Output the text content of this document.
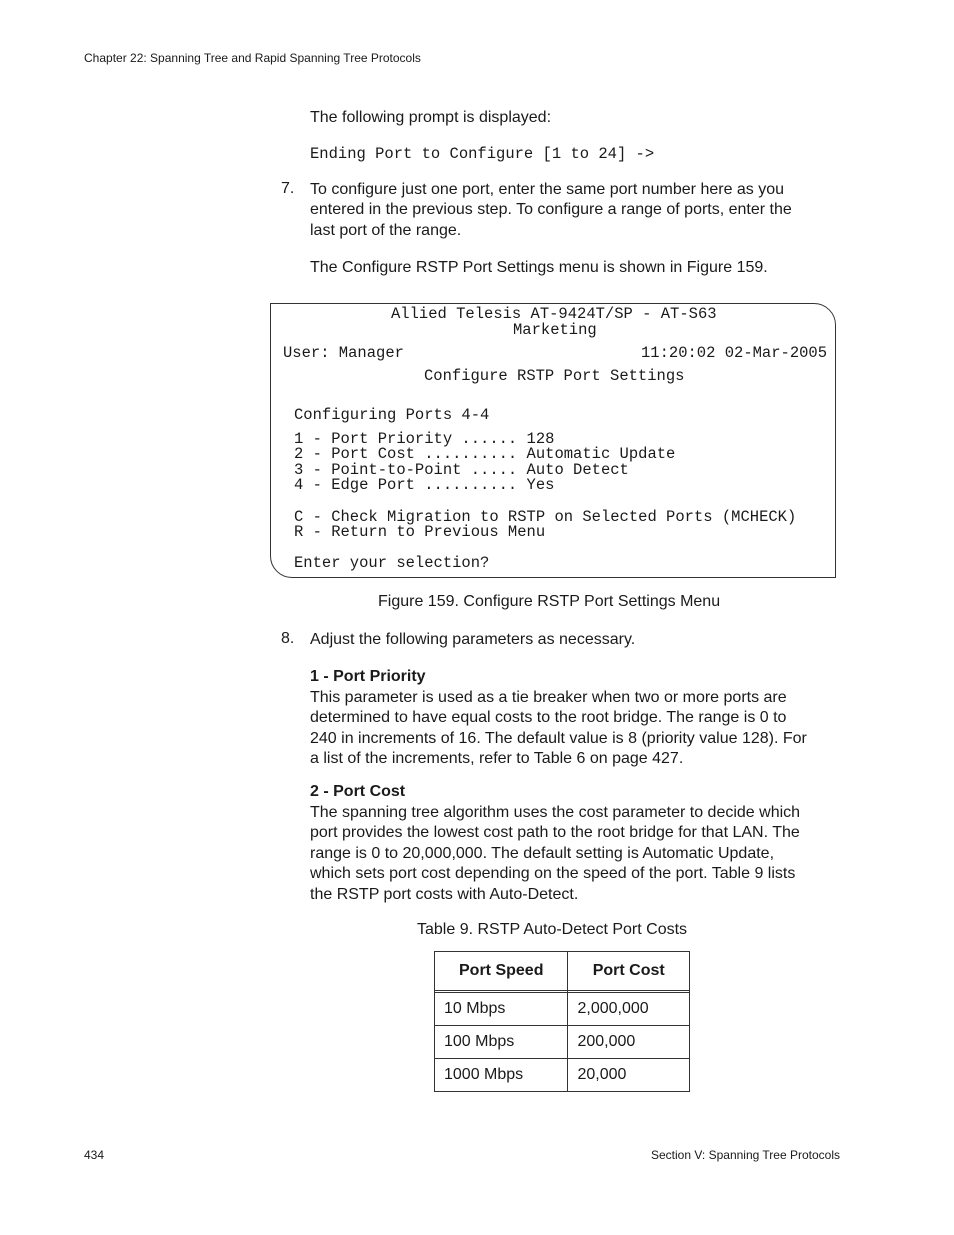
Chapter 22: Spanning Tree and Rapid Spanning Tree Protocols
The following prompt is displayed:
Ending Port to Configure [1 to 24] ->
7. To configure just one port, enter the same port number here as you
entered in the previous step. To configure a range of ports, enter the
last port of the range.
The Configure RSTP Port Settings menu is shown in Figure 159.
Allied Telesis AT-9424T/SP - AT-S63
Marketing
User: Manager	11:20:02 02-Mar-2005
Configure RSTP Port Settings
Configuring Ports 4-4
1 - Port Priority ...... 128
2 - Port Cost .......... Automatic Update
3 - Point-to-Point ..... Auto Detect
4 - Edge Port .......... Yes
C - Check Migration to RSTP on Selected Ports (MCHECK)
R - Return to Previous Menu
Enter your selection?
Figure 159. Configure RSTP Port Settings Menu
8. Adjust the following parameters as necessary.
1 - Port Priority
This parameter is used as a tie breaker when two or more ports are
determined to have equal costs to the root bridge. The range is 0 to
240 in increments of 16. The default value is 8 (priority value 128). For
a list of the increments, refer to Table 6 on page 427.
2 - Port Cost
The spanning tree algorithm uses the cost parameter to decide which
port provides the lowest cost path to the root bridge for that LAN. The
range is 0 to 20,000,000. The default setting is Automatic Update,
which sets port cost depending on the speed of the port. Table 9 lists
the RSTP port costs with Auto-Detect.
Table 9. RSTP Auto-Detect Port Costs
Port Speed	Port Cost

10 Mbps	2,000,000
100 Mbps	200,000
1000 Mbps	20,000
434	Section V: Spanning Tree Protocols
